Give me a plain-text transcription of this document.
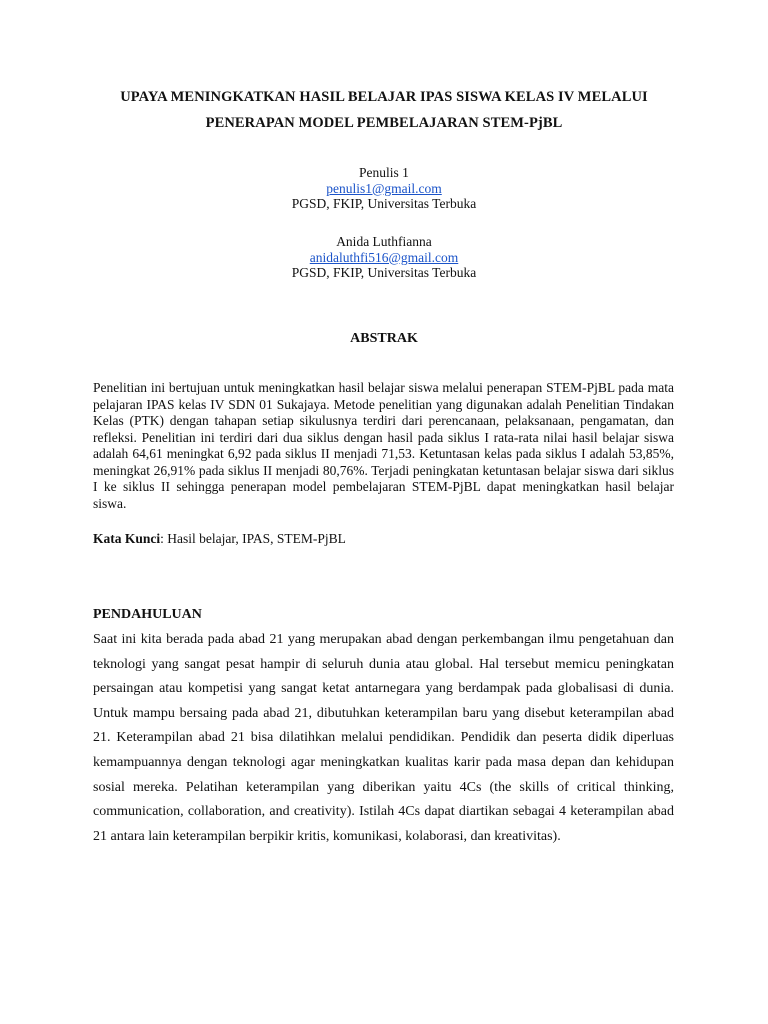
UPAYA MENINGKATKAN HASIL BELAJAR IPAS SISWA KELAS IV MELALUI
PENERAPAN MODEL PEMBELAJARAN STEM-PjBL
Penulis 1
penulis1@gmail.com
PGSD, FKIP, Universitas Terbuka
Anida Luthfianna
anidaluthfi516@gmail.com
PGSD, FKIP, Universitas Terbuka
ABSTRAK

Penelitian ini bertujuan untuk meningkatkan hasil belajar siswa melalui penerapan STEM-PjBL pada mata pelajaran IPAS kelas IV SDN 01 Sukajaya. Metode penelitian yang digunakan adalah Penelitian Tindakan Kelas (PTK) dengan tahapan setiap sikulusnya terdiri dari perencanaan, pelaksanaan, pengamatan, dan refleksi. Penelitian ini terdiri dari dua siklus dengan hasil pada siklus I rata-rata nilai hasil belajar siswa adalah 64,61 meningkat 6,92 pada siklus II menjadi 71,53. Ketuntasan kelas pada siklus I adalah 53,85%, meningkat 26,91% pada siklus II menjadi 80,76%. Terjadi peningkatan ketuntasan belajar siswa dari siklus I ke siklus II sehingga penerapan model pembelajaran STEM-PjBL dapat meningkatkan hasil belajar siswa.

Kata Kunci: Hasil belajar, IPAS, STEM-PjBL

PENDAHULUAN

Saat ini kita berada pada abad 21 yang merupakan abad dengan perkembangan ilmu pengetahuan dan teknologi yang sangat pesat hampir di seluruh dunia atau global. Hal tersebut memicu peningkatan persaingan atau kompetisi yang sangat ketat antarnegara yang berdampak pada globalisasi di dunia. Untuk mampu bersaing pada abad 21, dibutuhkan keterampilan baru yang disebut keterampilan abad 21. Keterampilan abad 21 bisa dilatihkan melalui pendidikan. Pendidik dan peserta didik diperluas kemampuannya dengan teknologi agar meningkatkan kualitas karir pada masa depan dan kehidupan sosial mereka. Pelatihan keterampilan yang diberikan yaitu 4Cs (the skills of critical thinking, communication, collaboration, and creativity). Istilah 4Cs dapat diartikan sebagai 4 keterampilan abad 21 antara lain keterampilan berpikir kritis, komunikasi, kolaborasi, dan kreativitas).
